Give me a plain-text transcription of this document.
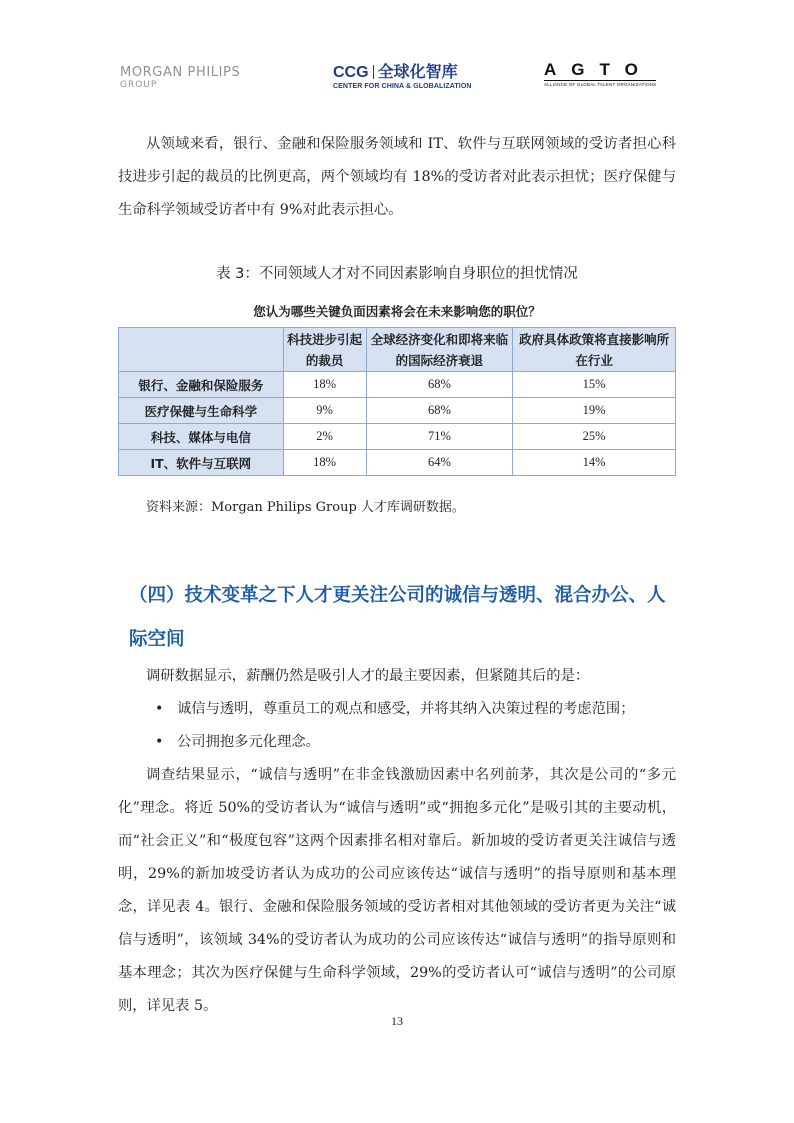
MORGAN PHILIPS
GROUP
CCG 全球化智库
CENTER FOR CHINA & GLOBALIZATION
AGTO
ALLIANCE OF GLOBAL TALENT ORGANIZATIONS

从领域来看，银行、金融和保险服务领域和 IT、软件与互联网领域的受访者担心科技进步引起的裁员的比例更高，两个领域均有 18%的受访者对此表示担忧；医疗保健与生命科学领域受访者中有 9%对此表示担心。

表 3：不同领域人才对不同因素影响自身职位的担忧情况

您认为哪些关键负面因素将会在未来影响您的职位？

	科技进步引起的裁员	全球经济变化和即将来临的国际经济衰退	政府具体政策将直接影响所在行业
银行、金融和保险服务	18%	68%	15%
医疗保健与生命科学	9%	68%	19%
科技、媒体与电信	2%	71%	25%
IT、软件与互联网	18%	64%	14%

资料来源：Morgan Philips Group 人才库调研数据。

（四）技术变革之下人才更关注公司的诚信与透明、混合办公、人际空间

调研数据显示，薪酬仍然是吸引人才的最主要因素，但紧随其后的是：

• 诚信与透明，尊重员工的观点和感受，并将其纳入决策过程的考虑范围；
• 公司拥抱多元化理念。

调查结果显示，“诚信与透明”在非金钱激励因素中名列前茅，其次是公司的“多元化”理念。将近 50%的受访者认为“诚信与透明”或“拥抱多元化”是吸引其的主要动机，而“社会正义”和“极度包容”这两个因素排名相对靠后。新加坡的受访者更关注诚信与透明，29%的新加坡受访者认为成功的公司应该传达“诚信与透明”的指导原则和基本理念，详见表 4。银行、金融和保险服务领域的受访者相对其他领域的受访者更为关注“诚信与透明”，该领域 34%的受访者认为成功的公司应该传达“诚信与透明”的指导原则和基本理念；其次为医疗保健与生命科学领域，29%的受访者认可“诚信与透明”的公司原则，详见表 5。

13
